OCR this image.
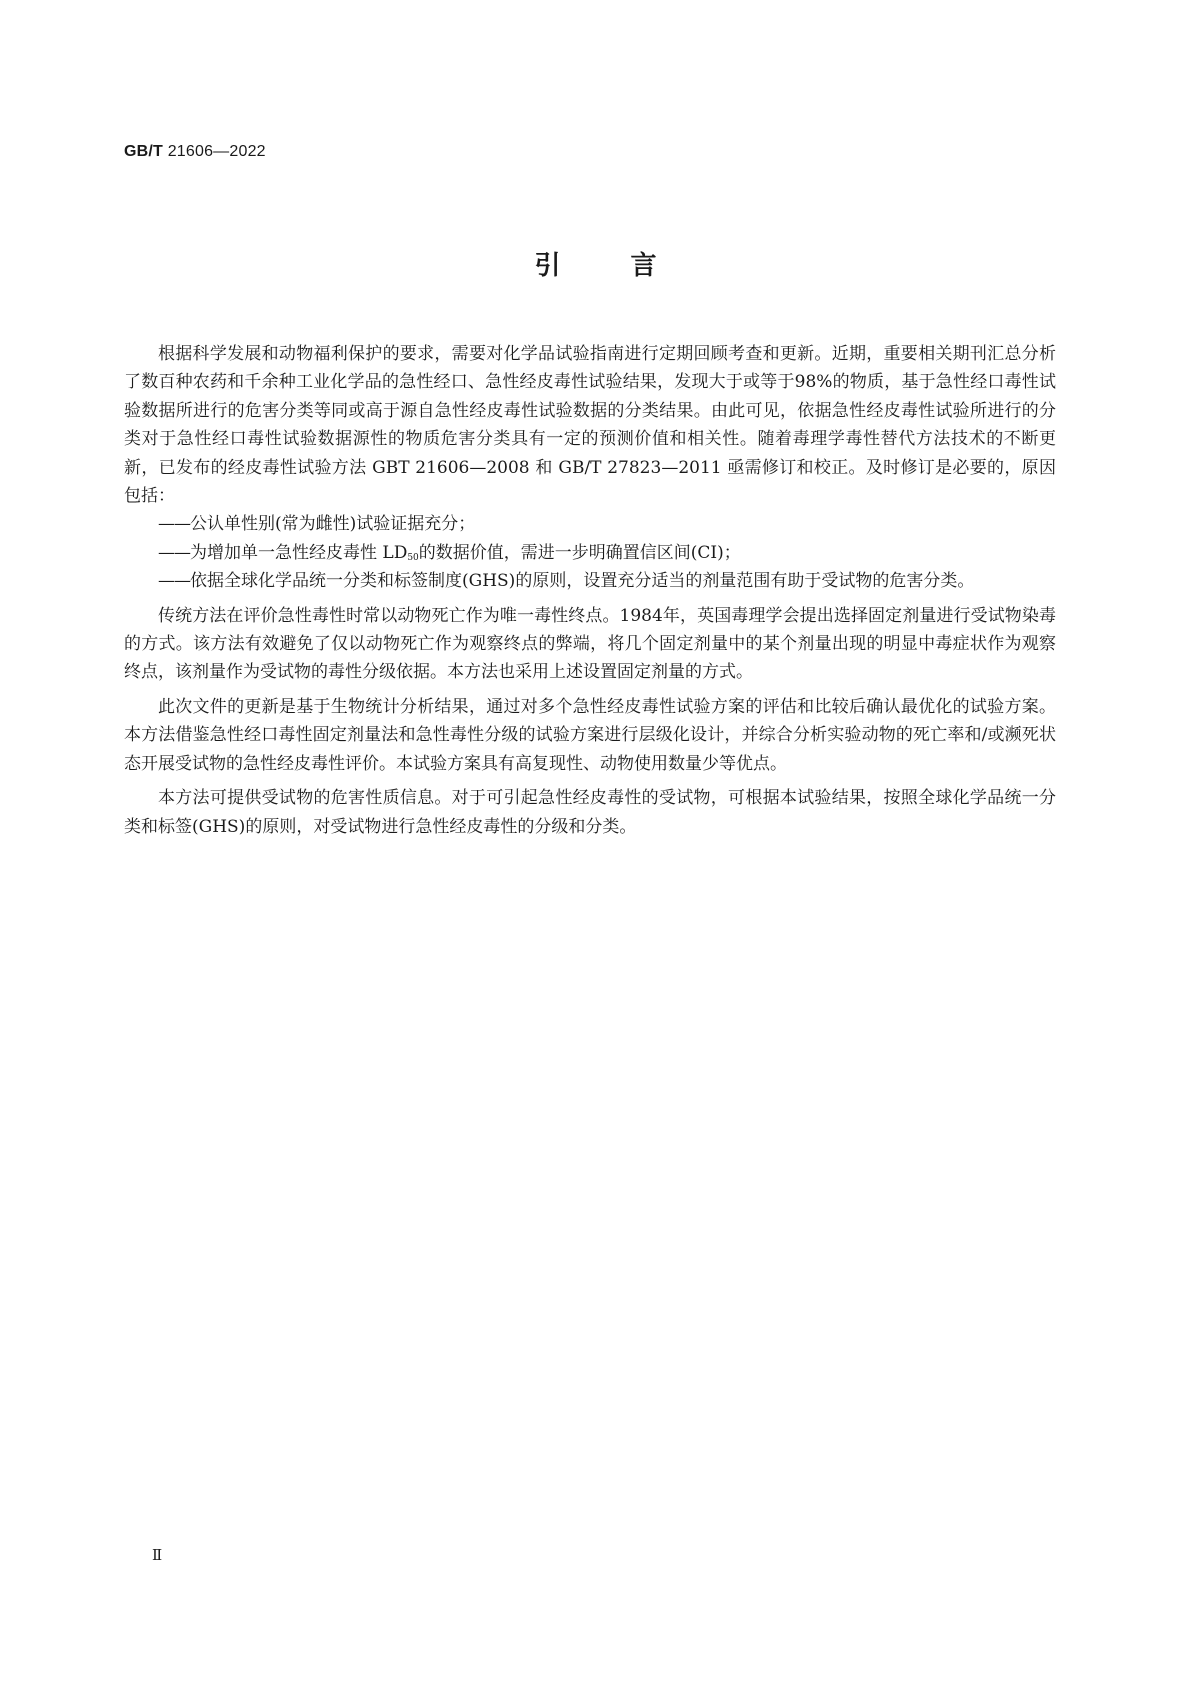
GB/T 21606—2022
引言
根据科学发展和动物福利保护的要求，需要对化学品试验指南进行定期回顾考查和更新。近期，重要相关期刊汇总分析了数百种农药和千余种工业化学品的急性经口、急性经皮毒性试验结果，发现大于或等于98%的物质，基于急性经口毒性试验数据所进行的危害分类等同或高于源自急性经皮毒性试验数据的分类结果。由此可见，依据急性经皮毒性试验所进行的分类对于急性经口毒性试验数据源性的物质危害分类具有一定的预测价值和相关性。随着毒理学毒性替代方法技术的不断更新，已发布的经皮毒性试验方法 GBT 21606—2008 和 GB/T 27823—2011 亟需修订和校正。及时修订是必要的，原因包括：
——公认单性别(常为雌性)试验证据充分；
——为增加单一急性经皮毒性 $LD_{50}$的数据价值，需进一步明确置信区间(CI)；
——依据全球化学品统一分类和标签制度(GHS)的原则，设置充分适当的剂量范围有助于受试物的危害分类。
传统方法在评价急性毒性时常以动物死亡作为唯一毒性终点。1984年，英国毒理学会提出选择固定剂量进行受试物染毒的方式。该方法有效避免了仅以动物死亡作为观察终点的弊端，将几个固定剂量中的某个剂量出现的明显中毒症状作为观察终点，该剂量作为受试物的毒性分级依据。本方法也采用上述设置固定剂量的方式。
此次文件的更新是基于生物统计分析结果，通过对多个急性经皮毒性试验方案的评估和比较后确认最优化的试验方案。本方法借鉴急性经口毒性固定剂量法和急性毒性分级的试验方案进行层级化设计，并综合分析实验动物的死亡率和/或濒死状态开展受试物的急性经皮毒性评价。本试验方案具有高复现性、动物使用数量少等优点。
本方法可提供受试物的危害性质信息。对于可引起急性经皮毒性的受试物，可根据本试验结果，按照全球化学品统一分类和标签(GHS)的原则，对受试物进行急性经皮毒性的分级和分类。
Ⅱ
